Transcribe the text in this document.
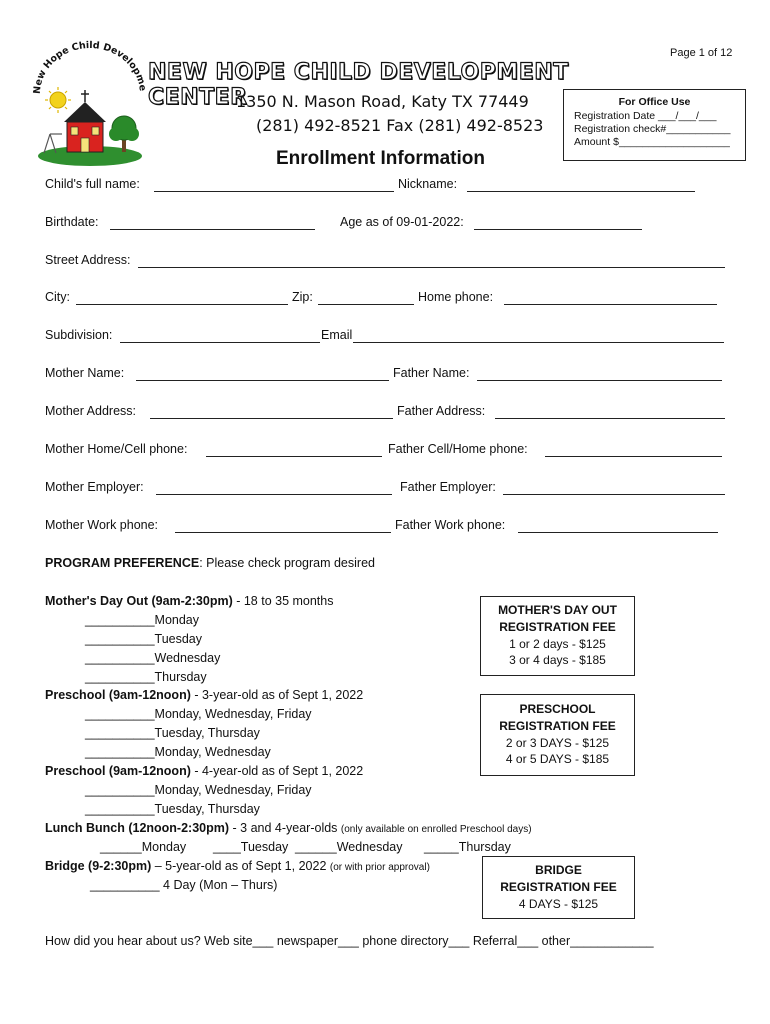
Page 1 of 12
New Hope Child Developme
NEW HOPE CHILD DEVELOPMENT CENTER
1350 N. Mason Road, Katy TX 77449
(281) 492-8521 Fax (281) 492-8523
Enrollment Information
For Office Use
Registration Date ___/___/___
Registration check#___________
Amount $___________________
Child's full name:	Nickname:
Birthdate:	Age as of 09-01-2022:
Street Address:
City:	Zip:	Home phone:
Subdivision:	Email
Mother Name:	Father Name:
Mother Address:	Father Address:
Mother Home/Cell phone:	Father Cell/Home phone:
Mother Employer:	Father Employer:
Mother Work phone:	Father Work phone:
PROGRAM PREFERENCE: Please check program desired
Mother's Day Out (9am-2:30pm) - 18 to 35 months
__________Monday
__________Tuesday
__________Wednesday
__________Thursday
Preschool (9am-12noon) - 3-year-old as of Sept 1, 2022
__________Monday, Wednesday, Friday
__________Tuesday, Thursday
__________Monday, Wednesday
Preschool (9am-12noon) - 4-year-old as of Sept 1, 2022
__________Monday, Wednesday, Friday
__________Tuesday, Thursday
Lunch Bunch (12noon-2:30pm) - 3 and 4-year-olds (only available on enrolled Preschool days)
______Monday ____Tuesday ______Wednesday _____Thursday
Bridge (9-2:30pm) – 5-year-old as of Sept 1, 2022 (or with prior approval)
__________ 4 Day (Mon – Thurs)
MOTHER'S DAY OUT
REGISTRATION FEE
1 or 2 days - $125
3 or 4 days - $185
PRESCHOOL
REGISTRATION FEE
2 or 3 DAYS - $125
4 or 5 DAYS - $185
BRIDGE
REGISTRATION FEE
4 DAYS - $125
How did you hear about us? Web site___ newspaper___ phone directory___ Referral___ other____________
